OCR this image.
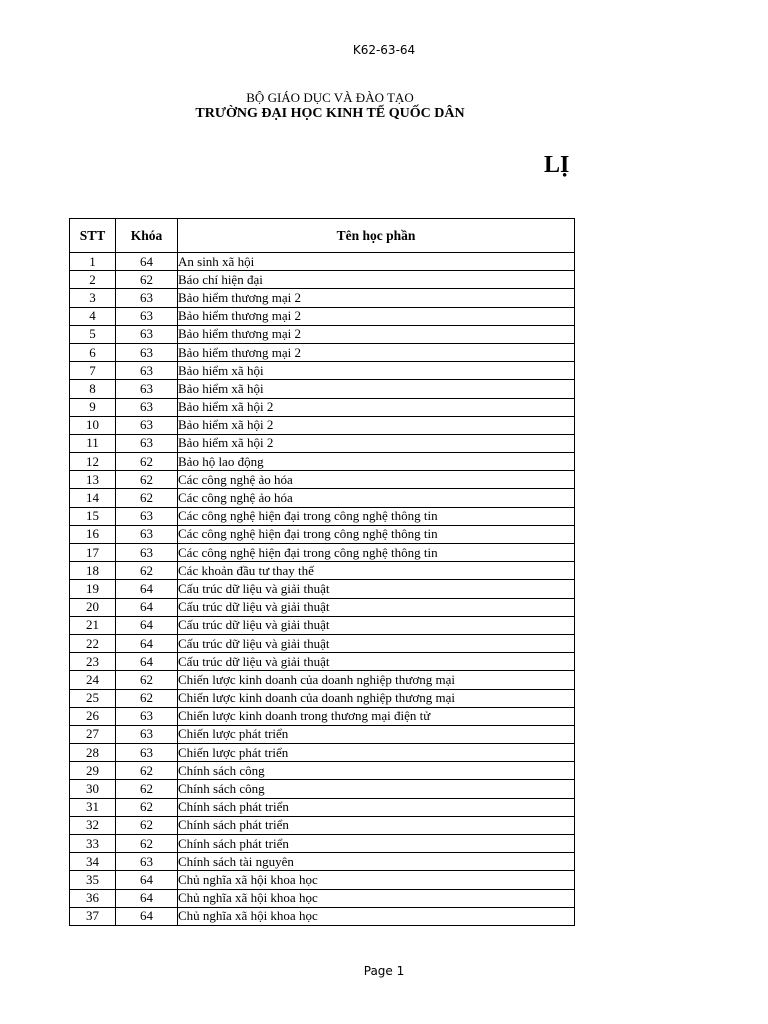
K62-63-64
BỘ GIÁO DỤC VÀ ĐÀO TẠO
TRƯỜNG ĐẠI HỌC KINH TẾ QUỐC DÂN
LỊ
STT	Khóa	Tên học phần
1	64	An sinh xã hội
2	62	Báo chí hiện đại
3	63	Bảo hiểm thương mại 2
4	63	Bảo hiểm thương mại 2
5	63	Bảo hiểm thương mại 2
6	63	Bảo hiểm thương mại 2
7	63	Bảo hiểm xã hội
8	63	Bảo hiểm xã hội
9	63	Bảo hiểm xã hội 2
10	63	Bảo hiểm xã hội 2
11	63	Bảo hiểm xã hội 2
12	62	Bảo hộ lao động
13	62	Các công nghệ ảo hóa
14	62	Các công nghệ ảo hóa
15	63	Các công nghệ hiện đại trong công nghệ thông tin
16	63	Các công nghệ hiện đại trong công nghệ thông tin
17	63	Các công nghệ hiện đại trong công nghệ thông tin
18	62	Các khoản đầu tư thay thế
19	64	Cấu trúc dữ liệu và giải thuật
20	64	Cấu trúc dữ liệu và giải thuật
21	64	Cấu trúc dữ liệu và giải thuật
22	64	Cấu trúc dữ liệu và giải thuật
23	64	Cấu trúc dữ liệu và giải thuật
24	62	Chiến lược kinh doanh của doanh nghiệp thương mại
25	62	Chiến lược kinh doanh của doanh nghiệp thương mại
26	63	Chiến lược kinh doanh trong thương mại điện tử
27	63	Chiến lược phát triển
28	63	Chiến lược phát triển
29	62	Chính sách công
30	62	Chính sách công
31	62	Chính sách phát triển
32	62	Chính sách phát triển
33	62	Chính sách phát triển
34	63	Chính sách tài nguyên
35	64	Chủ nghĩa xã hội khoa học
36	64	Chủ nghĩa xã hội khoa học
37	64	Chủ nghĩa xã hội khoa học
Page 1
